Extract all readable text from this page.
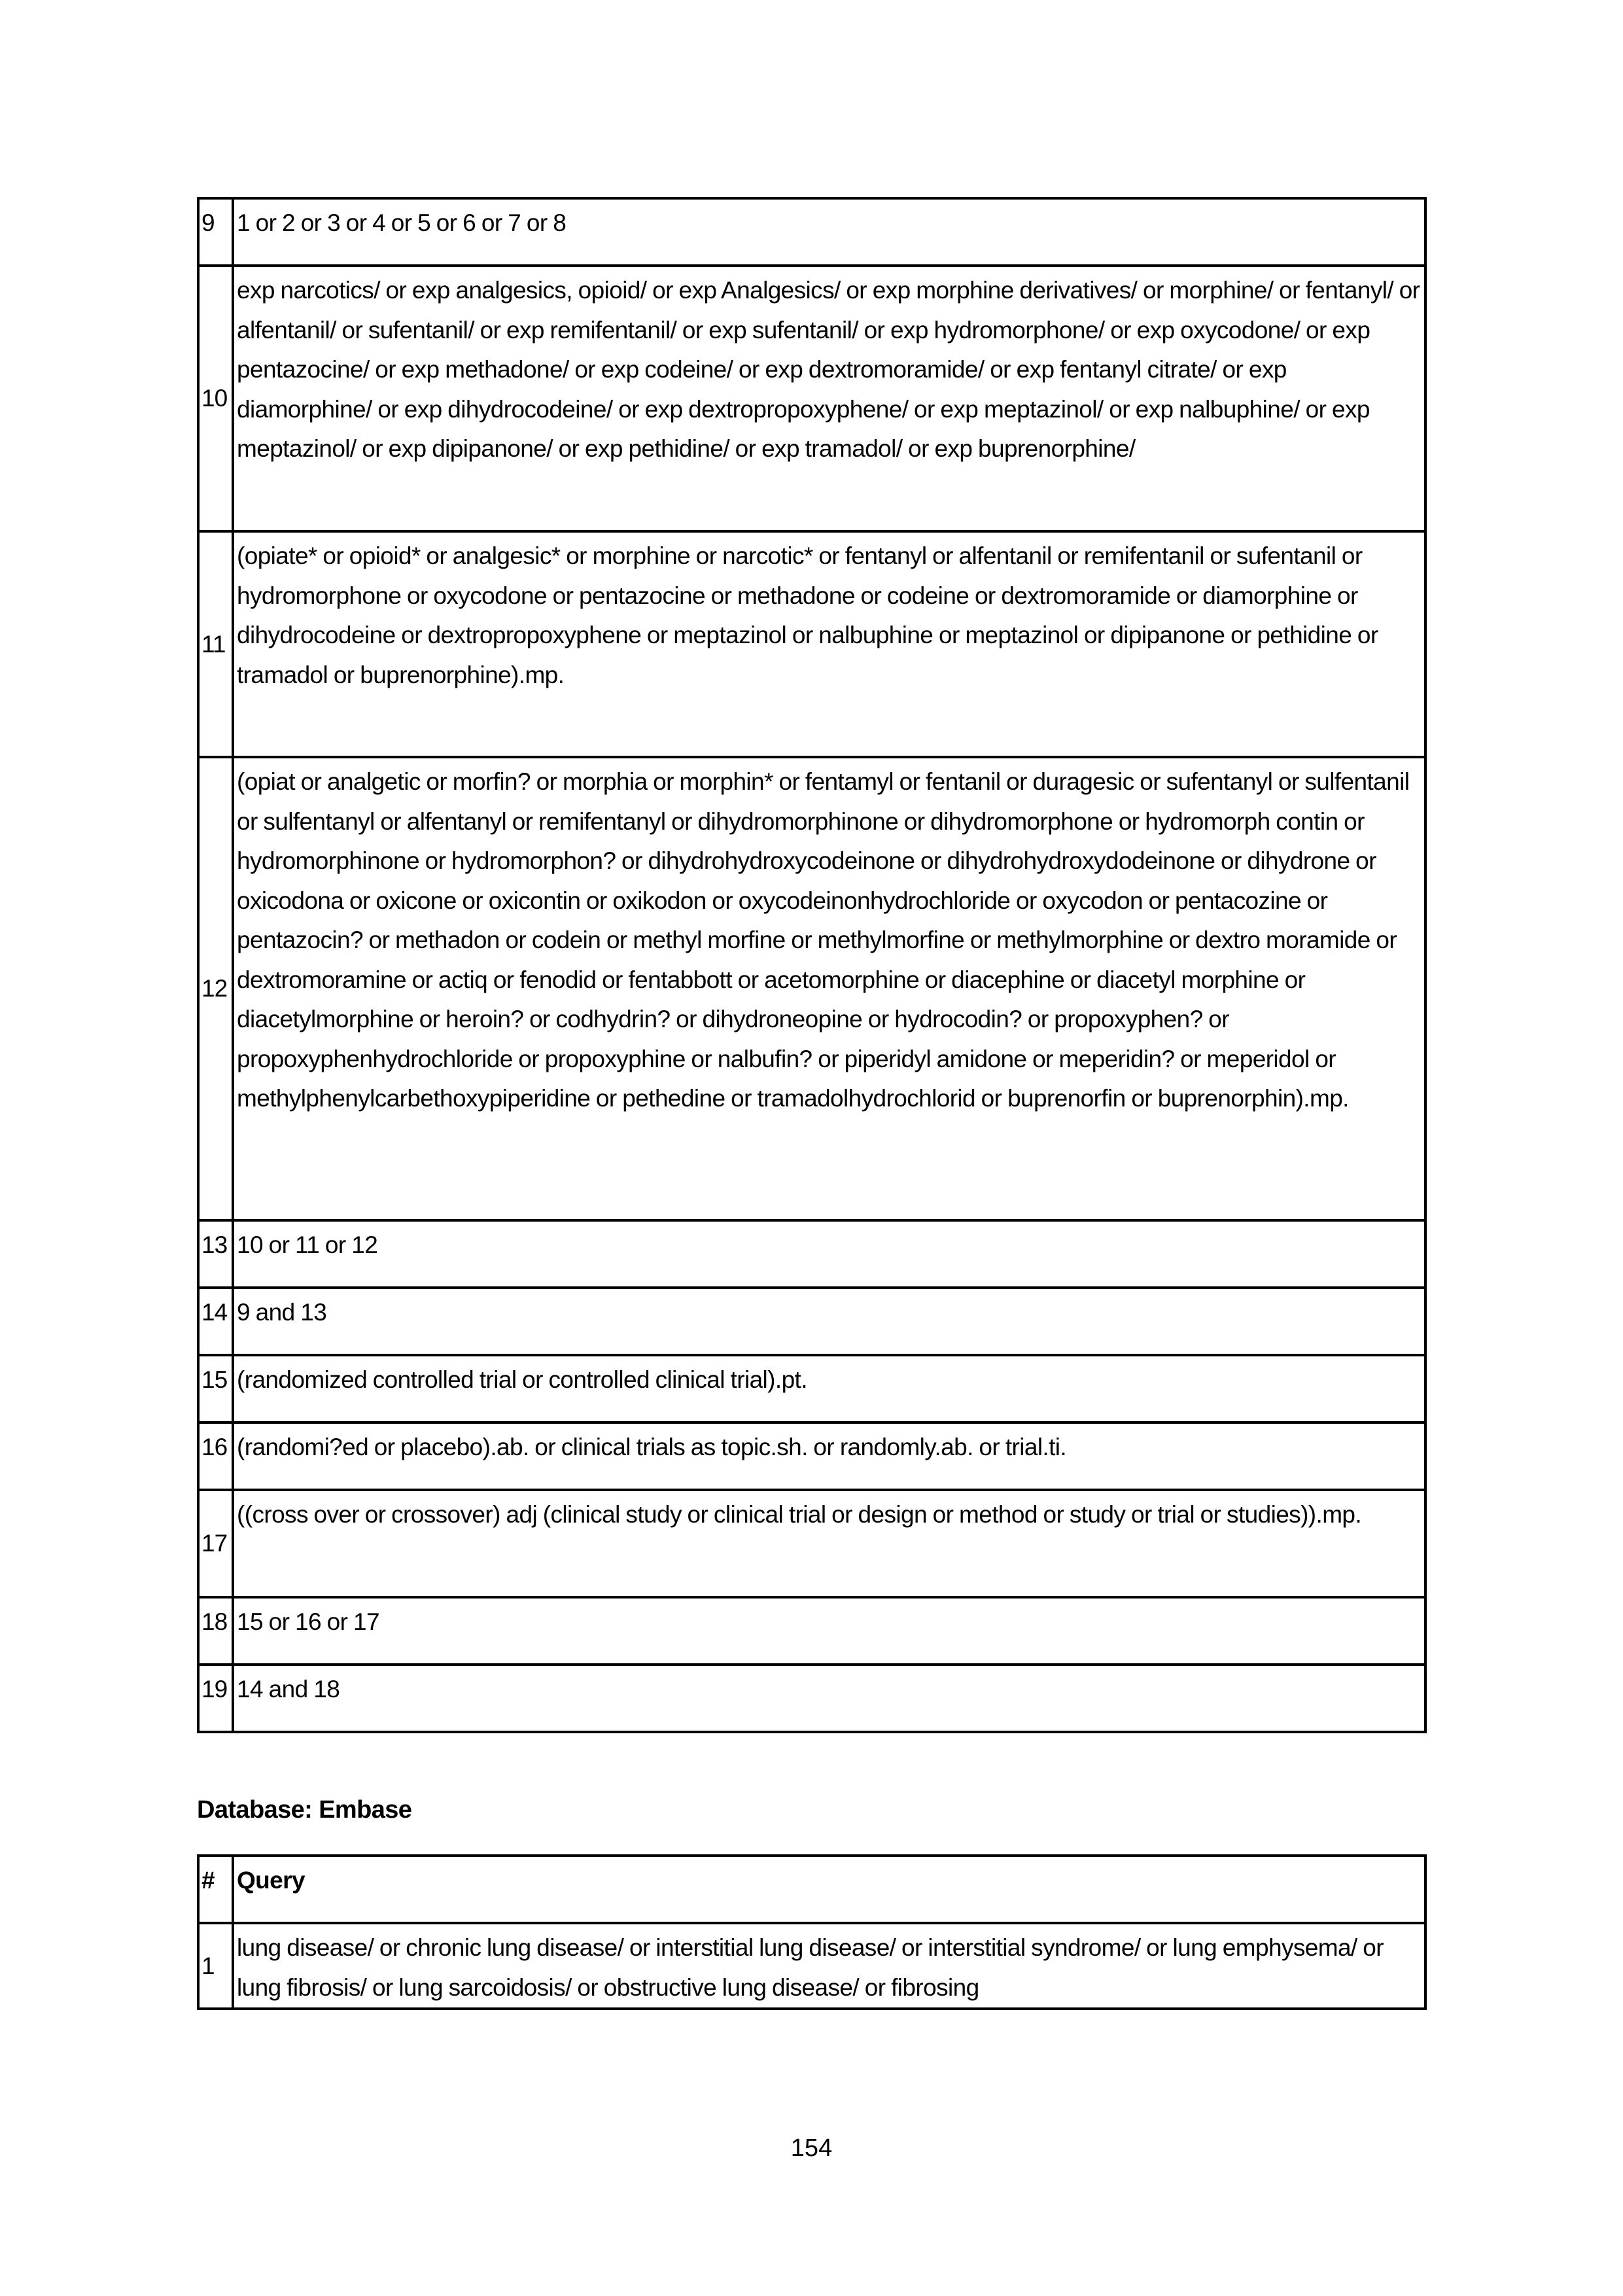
9	1 or 2 or 3 or 4 or 5 or 6 or 7 or 8
10	exp narcotics/ or exp analgesics, opioid/ or exp Analgesics/ or exp morphine derivatives/ or morphine/ or fentanyl/ or alfentanil/ or sufentanil/ or exp remifentanil/ or exp sufentanil/ or exp hydromorphone/ or exp oxycodone/ or exp pentazocine/ or exp methadone/ or exp codeine/ or exp dextromoramide/ or exp fentanyl citrate/ or exp diamorphine/ or exp dihydrocodeine/ or exp dextropropoxyphene/ or exp meptazinol/ or exp nalbuphine/ or exp meptazinol/ or exp dipipanone/ or exp pethidine/ or exp tramadol/ or exp buprenorphine/
11	(opiate* or opioid* or analgesic* or morphine or narcotic* or fentanyl or alfentanil or remifentanil or sufentanil or hydromorphone or oxycodone or pentazocine or methadone or codeine or dextromoramide or diamorphine or dihydrocodeine or dextropropoxyphene or meptazinol or nalbuphine or meptazinol or dipipanone or pethidine or tramadol or buprenorphine).mp.
12	(opiat or analgetic or morfin? or morphia or morphin* or fentamyl or fentanil or duragesic or sufentanyl or sulfentanil or sulfentanyl or alfentanyl or remifentanyl or dihydromorphinone or dihydromorphone or hydromorph contin or hydromorphinone or hydromorphon? or dihydrohydroxycodeinone or dihydrohydroxydodeinone or dihydrone or oxicodona or oxicone or oxicontin or oxikodon or oxycodeinonhydrochloride or oxycodon or pentacozine or pentazocin? or methadon or codein or methyl morfine or methylmorfine or methylmorphine or dextro moramide or dextromoramine or actiq or fenodid or fentabbott or acetomorphine or diacephine or diacetyl morphine or diacetylmorphine or heroin? or codhydrin? or dihydroneopine or hydrocodin? or propoxyphen? or propoxyphenhydrochloride or propoxyphine or nalbufin? or piperidyl amidone or meperidin? or meperidol or methylphenylcarbethoxypiperidine or pethedine or tramadolhydrochlorid or buprenorfin or buprenorphin).mp.
13	10 or 11 or 12
14	9 and 13
15	(randomized controlled trial or controlled clinical trial).pt.
16	(randomi?ed or placebo).ab. or clinical trials as topic.sh. or randomly.ab. or trial.ti.
17	((cross over or crossover) adj (clinical study or clinical trial or design or method or study or trial or studies)).mp.
18	15 or 16 or 17
19	14 and 18
Database: Embase
#	Query
1	lung disease/ or chronic lung disease/ or interstitial lung disease/ or interstitial syndrome/ or lung emphysema/ or lung fibrosis/ or lung sarcoidosis/ or obstructive lung disease/ or fibrosing
154
